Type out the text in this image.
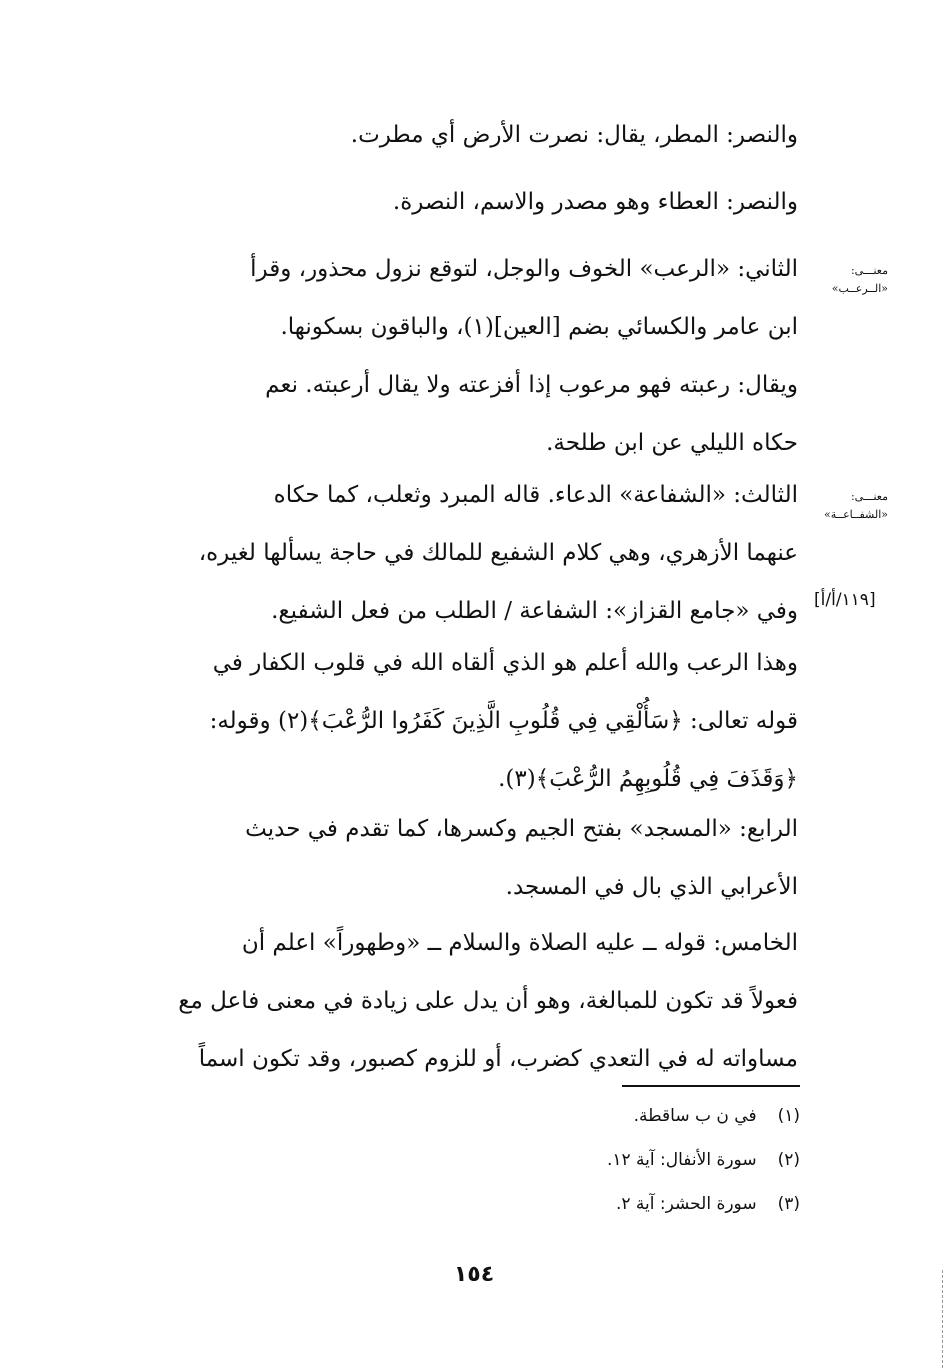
والنصر: المطر، يقال: نصرت الأرض أي مطرت.

والنصر: العطاء وهو مصدر والاسم، النصرة.

معنـــى:
«الــرعــب»

الثاني: «الرعب» الخوف والوجل، لتوقع نزول محذور، وقرأ
ابن عامر والكسائي بضم [العين](١)، والباقون بسكونها.

ويقال: رعبته فهو مرعوب إذا أفزعته ولا يقال أرعبته. نعم
حكاه الليلي عن ابن طلحة.

معنـــى:
«الشفــاعــة»
[١١٩/أ/أ]

الثالث: «الشفاعة» الدعاء. قاله المبرد وثعلب، كما حكاه
عنهما الأزهري، وهي كلام الشفيع للمالك في حاجة يسألها لغيره،
وفي «جامع القزاز»: الشفاعة / الطلب من فعل الشفيع.

وهذا الرعب والله أعلم هو الذي ألقاه الله في قلوب الكفار في
قوله تعالى: ﴿سَأُلْقِي فِي قُلُوبِ الَّذِينَ كَفَرُوا الرُّعْبَ﴾(٢) وقوله:
﴿وَقَذَفَ فِي قُلُوبِهِمُ الرُّعْبَ﴾(٣).

الرابع: «المسجد» بفتح الجيم وكسرها، كما تقدم في حديث
الأعرابي الذي بال في المسجد.

الخامس: قوله ــ عليه الصلاة والسلام ــ «وطهوراً» اعلم أن
فعولاً قد تكون للمبالغة، وهو أن يدل على زيادة في معنى فاعل مع
مساواته له في التعدي كضرب، أو للزوم كصبور، وقد تكون اسماً

(١) في ن ب ساقطة.
(٢) سورة الأنفال: آية ١٢.
(٣) سورة الحشر: آية ٢.
١٥٤
